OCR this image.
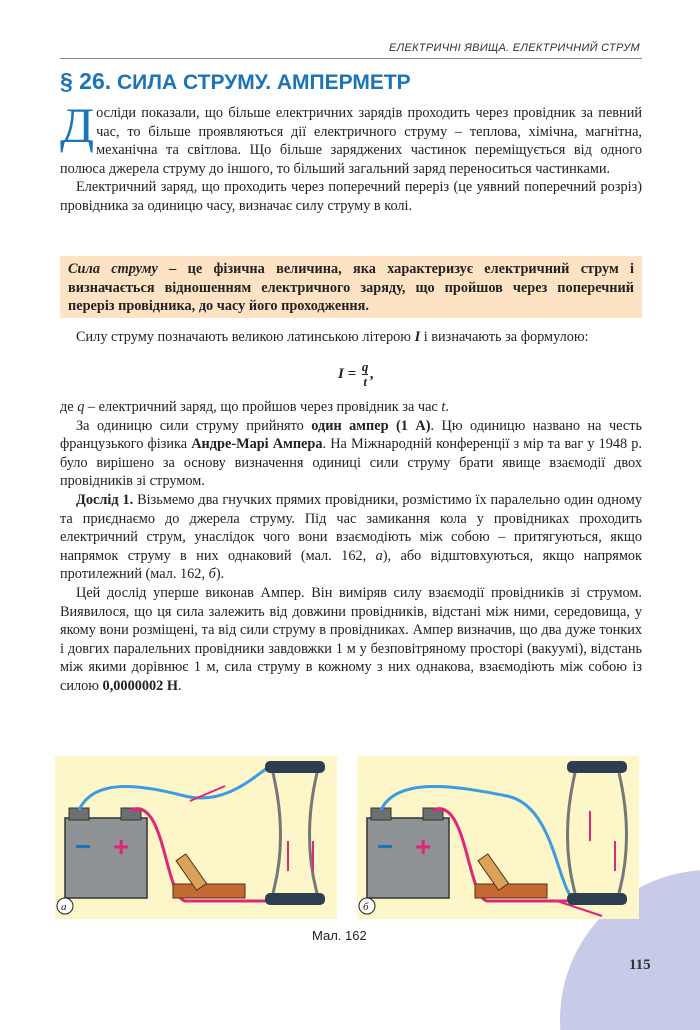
ЕЛЕКТРИЧНІ ЯВИЩА. ЕЛЕКТРИЧНИЙ СТРУМ
§ 26. СИЛА СТРУМУ. АМПЕРМЕТР

Досліди показали, що більше електричних зарядів проходить через провідник за певний час, то більше проявляються дії електричного струму – теплова, хімічна, магнітна, механічна та світлова. Що більше заряджених частинок переміщується від одного полюса джерела струму до іншого, то більший загальний заряд переноситься частинками.

Електричний заряд, що проходить через поперечний переріз (це уявний поперечний розріз) провідника за одиницю часу, визначає силу струму в колі.

Сила струму – це фізична величина, яка характеризує електричний струм і визначається відношенням електричного заряду, що пройшов через поперечний переріз провідника, до часу його проходження.

Силу струму позначають великою латинською літерою I і визначають за формулою:

$I = \frac{q}{t}$ ,

де q – електричний заряд, що пройшов через провідник за час t.

За одиницю сили струму прийнято один ампер (1 А). Цю одиницю названо на честь французького фізика Андре-Марі Ампера. На Міжнародній конференції з мір та ваг у 1948 р. було вирішено за основу визначення одиниці сили струму брати явище взаємодії двох провідників зі струмом.

Дослід 1. Візьмемо два гнучких прямих провідники, розмістимо їх паралельно один одному та приєднаємо до джерела струму. Під час замикання кола у провідниках проходить електричний струм, унаслідок чого вони взаємодіють між собою – притягуються, якщо напрямок струму в них однаковий (мал. 162, а), або відштовхуються, якщо напрямок протилежний (мал. 162, б).

Цей дослід уперше виконав Ампер. Він виміряв силу взаємодії провідників зі струмом. Виявилося, що ця сила залежить від довжини провідників, відстані між ними, середовища, у якому вони розміщені, та від сили струму в провідниках. Ампер визначив, що два дуже тонких і довгих паралельних провідники завдовжки 1 м у безповітряному просторі (вакуумі), відстань між якими дорівнює 1 м, сила струму в кожному з них однакова, взаємодіють між собою із силою 0,0000002 Н.

− +
а
− +
б
Мал. 162
115
